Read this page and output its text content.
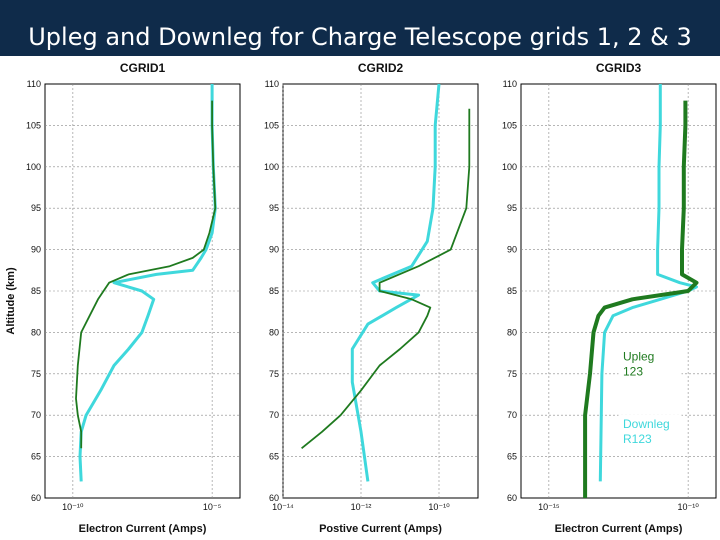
Upleg and Downleg for Charge Telescope grids 1, 2 & 3
Altitude (km)
60
65
70
75
80
85
90
95
100
105
110
10⁻¹⁰	10⁻⁵
CGRID1
Electron Current (Amps)
60
65
70
75
80
85
90
95
100
105
110
10⁻¹⁴	10⁻¹²	10⁻¹⁰
CGRID2
Postive Current (Amps)
60
65
70
75
80
85
90
95
100
105
110
10⁻¹⁵	10⁻¹⁰
CGRID3
Electron Current (Amps)
Upleg
123
Downleg
R123
